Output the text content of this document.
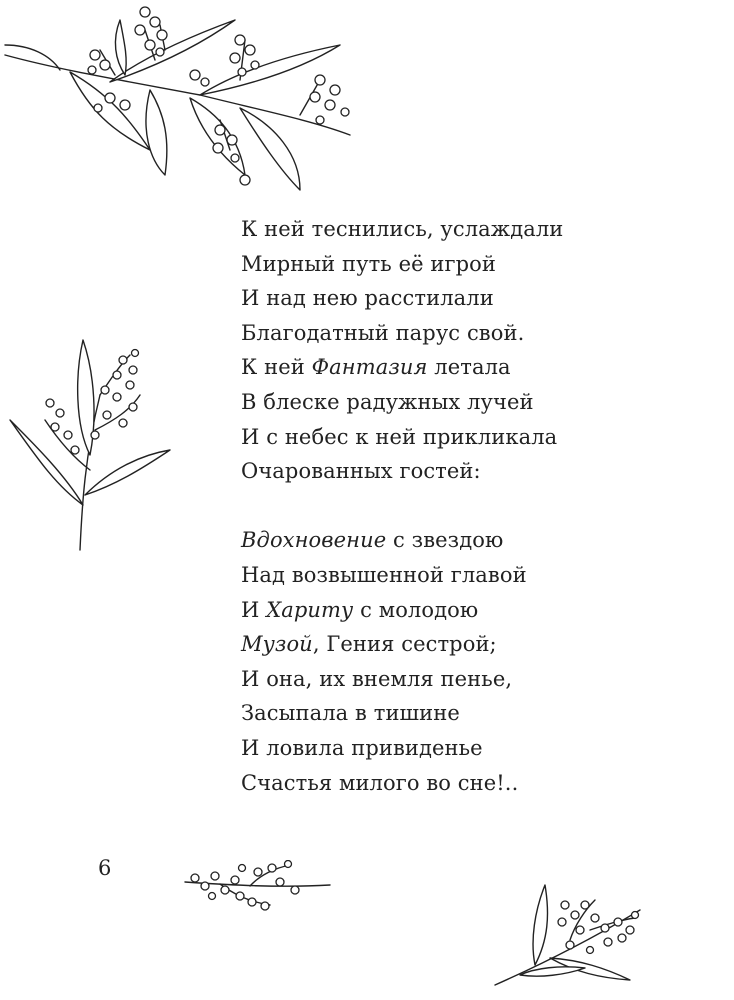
К ней теснились, услаждали
Мирный путь её игрой
И над нею расстилали
Благодатный парус свой.
К ней Фантазия летала
В блеске радужных лучей
И с небес к ней прикликала
Очарованных гостей:
Вдохновение с звездою
Над возвышенной главой
И Хариту с молодою
Музой, Гения сестрой;
И она, их внемля пенье,
Засыпала в тишине
И ловила привиденье
Счастья милого во сне!..
6
